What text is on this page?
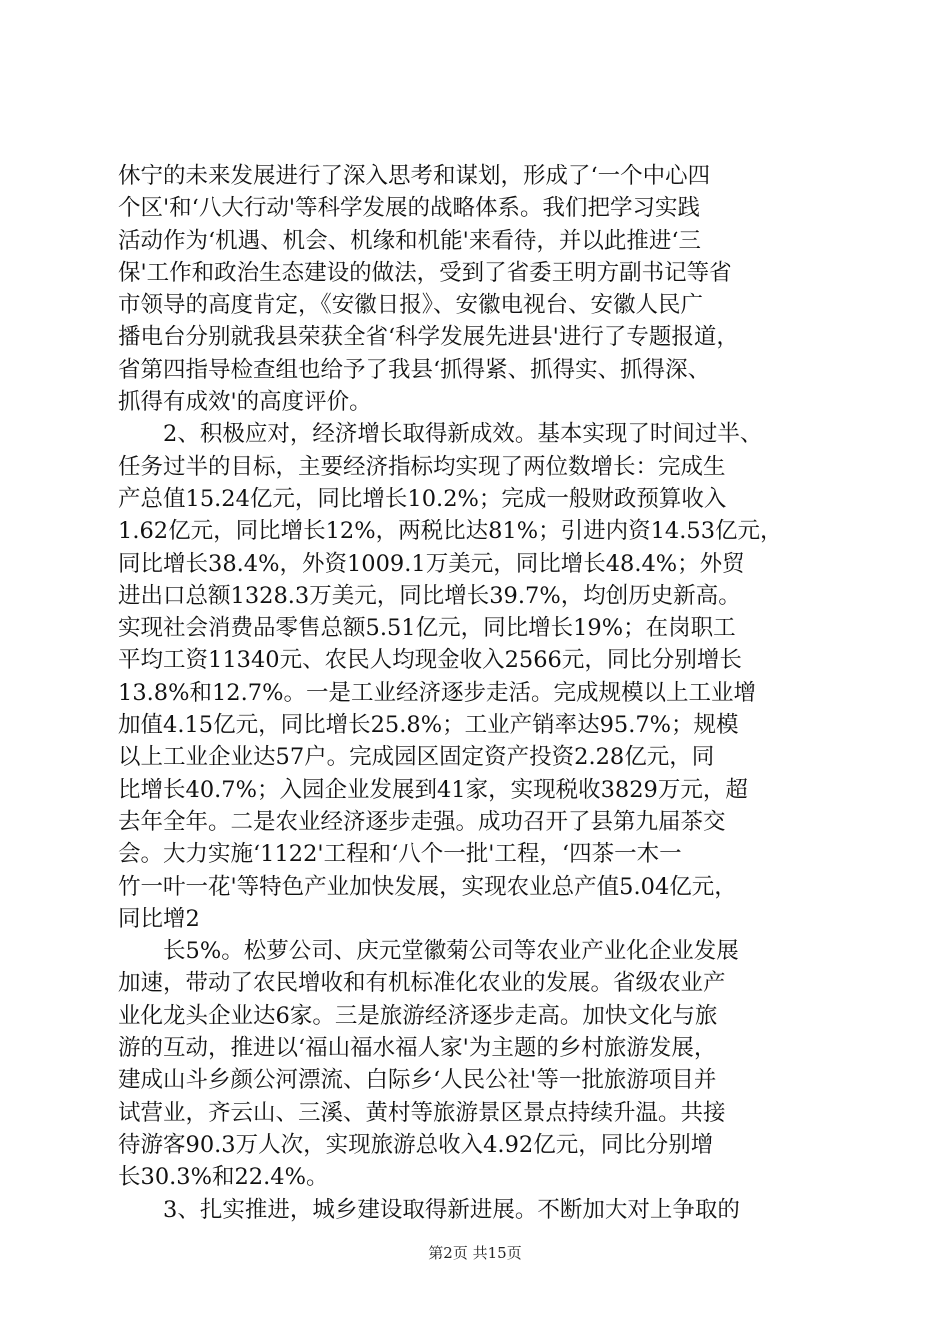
休宁的未来发展进行了深入思考和谋划，形成了‘一个中心四
个区'和‘八大行动'等科学发展的战略体系。我们把学习实践
活动作为‘机遇、机会、机缘和机能'来看待，并以此推进‘三
保'工作和政治生态建设的做法，受到了省委王明方副书记等省
市领导的高度肯定，《安徽日报》、安徽电视台、安徽人民广
播电台分别就我县荣获全省‘科学发展先进县'进行了专题报道，
省第四指导检查组也给予了我县‘抓得紧、抓得实、抓得深、
抓得有成效'的高度评价。
　　2、积极应对，经济增长取得新成效。基本实现了时间过半、
任务过半的目标，主要经济指标均实现了两位数增长：完成生
产总值15.24亿元，同比增长10.2%；完成一般财政预算收入
1.62亿元，同比增长12%，两税比达81%；引进内资14.53亿元，
同比增长38.4%，外资1009.1万美元，同比增长48.4%；外贸
进出口总额1328.3万美元，同比增长39.7%，均创历史新高。
实现社会消费品零售总额5.51亿元，同比增长19%；在岗职工
平均工资11340元、农民人均现金收入2566元，同比分别增长
13.8%和12.7%。一是工业经济逐步走活。完成规模以上工业增
加值4.15亿元，同比增长25.8%；工业产销率达95.7%；规模
以上工业企业达57户。完成园区固定资产投资2.28亿元，同
比增长40.7%；入园企业发展到41家，实现税收3829万元，超
去年全年。二是农业经济逐步走强。成功召开了县第九届茶交
会。大力实施‘1122'工程和‘八个一批'工程，‘四茶一木一
竹一叶一花'等特色产业加快发展，实现农业总产值5.04亿元，
同比增2
　　长5%。松萝公司、庆元堂徽菊公司等农业产业化企业发展
加速，带动了农民增收和有机标准化农业的发展。省级农业产
业化龙头企业达6家。三是旅游经济逐步走高。加快文化与旅
游的互动，推进以‘福山福水福人家'为主题的乡村旅游发展，
建成山斗乡颜公河漂流、白际乡‘人民公社'等一批旅游项目并
试营业，齐云山、三溪、黄村等旅游景区景点持续升温。共接
待游客90.3万人次，实现旅游总收入4.92亿元，同比分别增
长30.3%和22.4%。
　　3、扎实推进，城乡建设取得新进展。不断加大对上争取的
第2页 共15页
